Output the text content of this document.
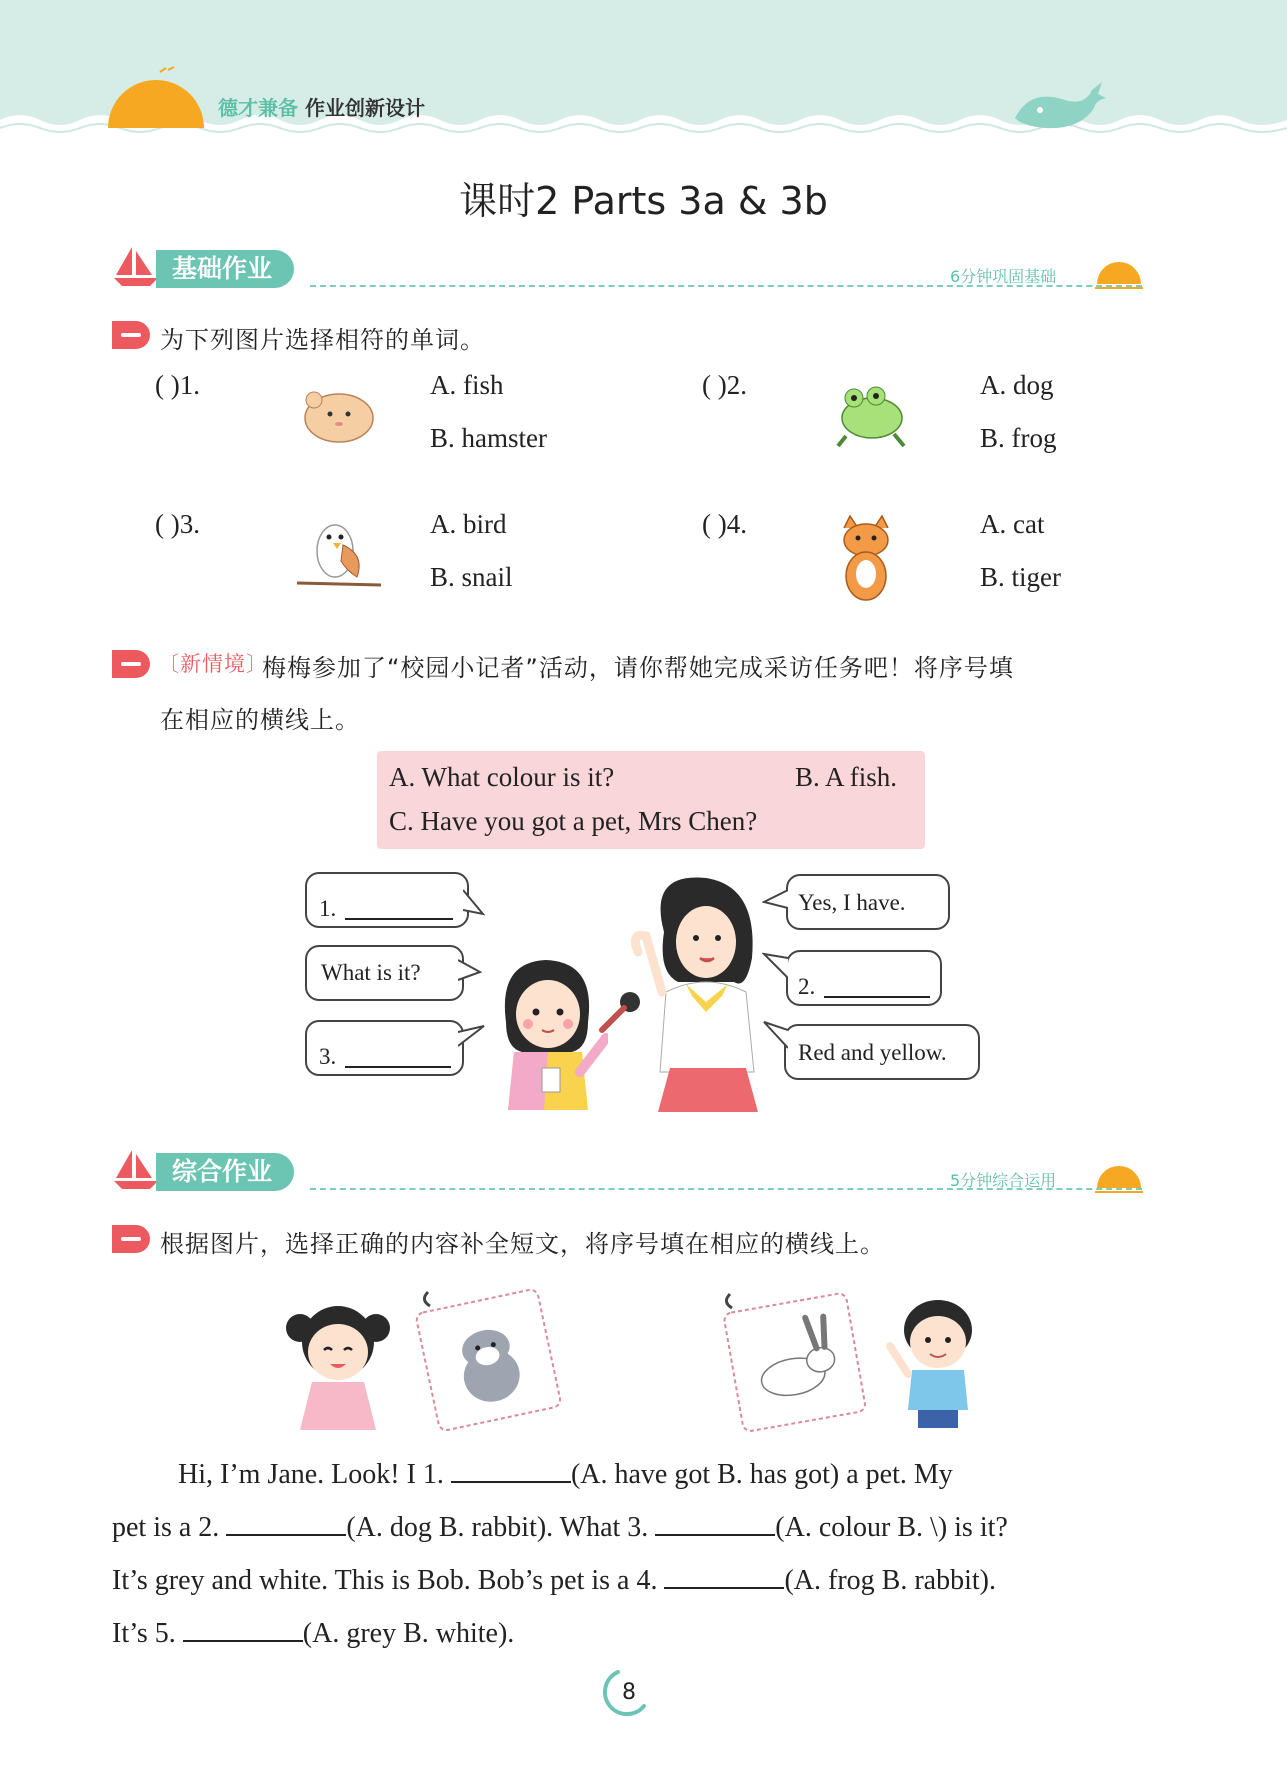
德才兼备 作业创新设计
课时2 Parts 3a & 3b
基础作业	6分钟巩固基础
为下列图片选择相符的单词。
( )1.	A. fish
B. hamster
( )2.	A. dog
B. frog
( )3.	A. bird
B. snail
( )4.	A. cat
B. tiger
〔新情境〕
梅梅参加了“校园小记者”活动，请你帮她完成采访任务吧！将序号填
在相应的横线上。
A. What colour is it?	B. A fish.
C. Have you got a pet, Mrs Chen?
1.
What is it?
3.
Yes, I have.
2.
Red and yellow.
综合作业	5分钟综合运用
根据图片，选择正确的内容补全短文，将序号填在相应的横线上。
Hi, I’m Jane. Look! I 1.	(A. have got B. has got) a pet. My
pet is a 2.	(A. dog B. rabbit). What 3.	(A. colour B. \) is it?
It’s grey and white. This is Bob. Bob’s pet is a 4.	(A. frog B. rabbit).
It’s 5.	(A. grey B. white).
8
